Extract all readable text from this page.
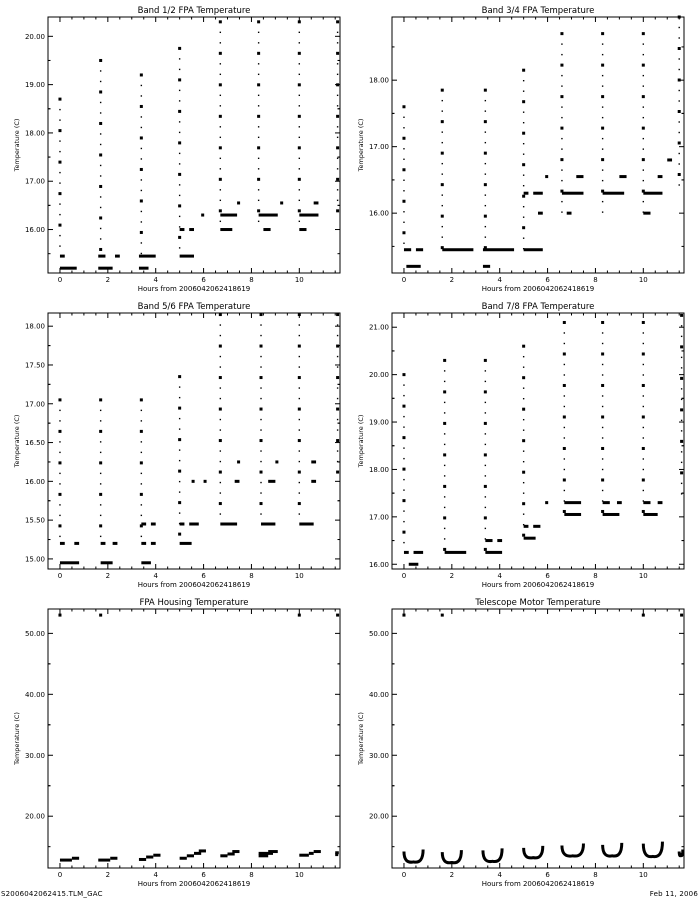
Band 1/2 FPA Temperature
0	2	4	6	8	10
Hours from 2006042062418619
16.00
17.00
18.00
19.00
20.00
Temperature (C)
Band 3/4 FPA Temperature
0	2	4	6	8	10
Hours from 2006042062418619
16.00
17.00
18.00
Temperature (C)
Band 5/6 FPA Temperature
0	2	4	6	8	10
Hours from 2006042062418619
15.00
15.50
16.00
16.50
17.00
17.50
18.00
Temperature (C)
Band 7/8 FPA Temperature
0	2	4	6	8	10
Hours from 2006042062418619
16.00
17.00
18.00
19.00
20.00
21.00
Temperature (C)
FPA Housing Temperature
0	2	4	6	8	10
Hours from 2006042062418619
20.00
30.00
40.00
50.00
Temperature (C)
Telescope Motor Temperature
0	2	4	6	8	10
Hours from 2006042062418619
20.00
30.00
40.00
50.00
Temperature (C)
S2006042062415.TLM_GAC	Feb 11, 2006
